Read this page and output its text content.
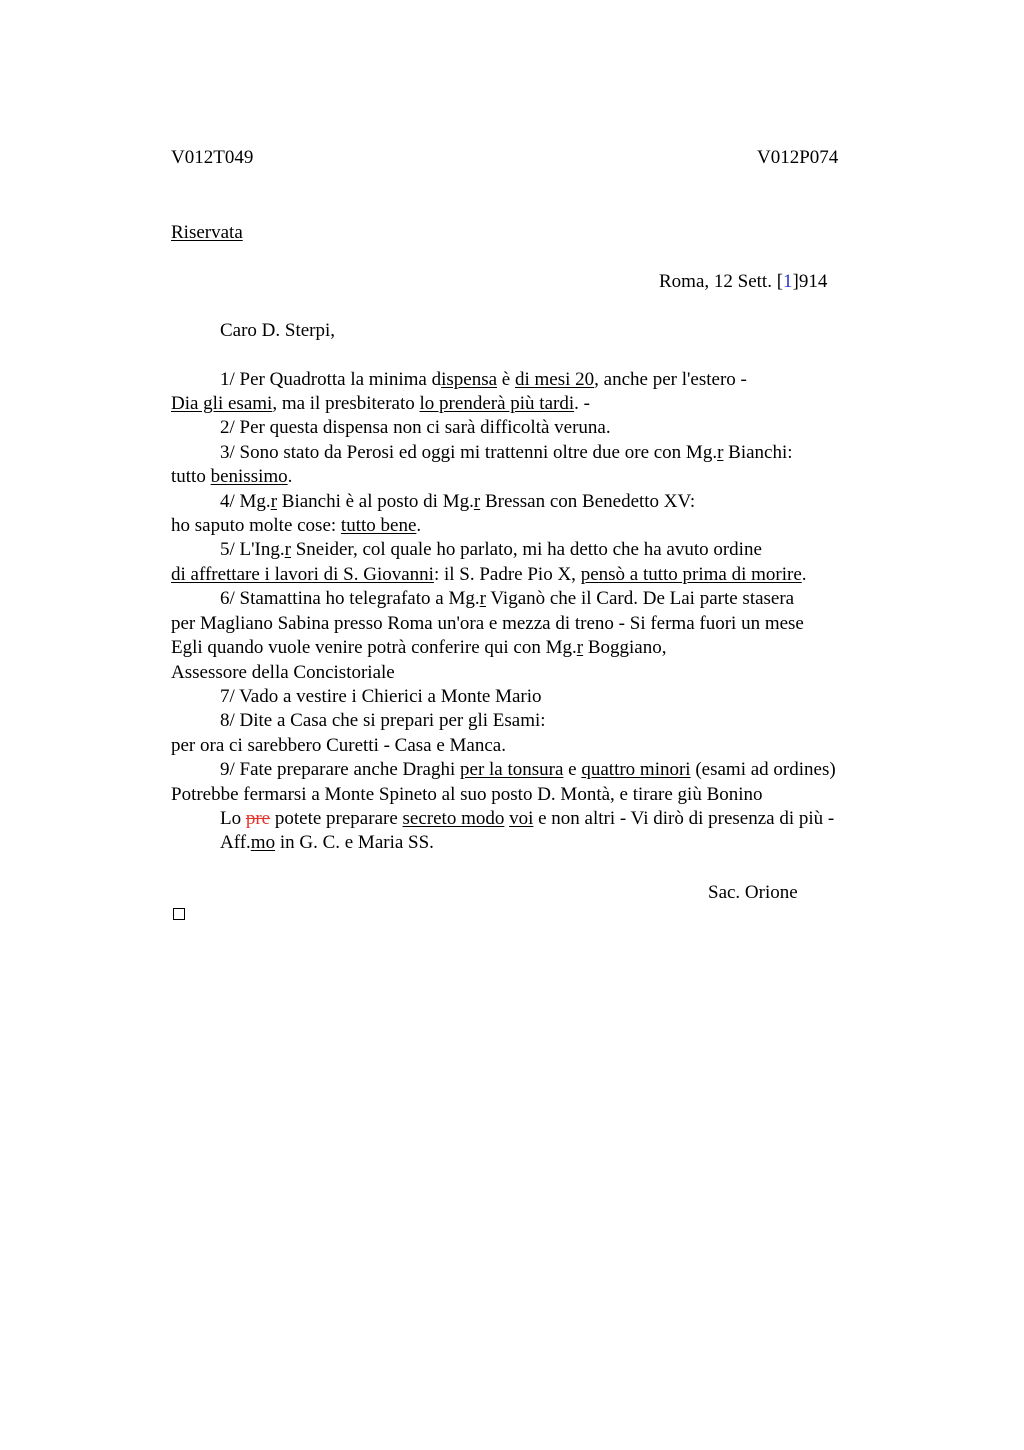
V012T049	V012P074
Riservata
Roma, 12 Sett. [1]914
Caro D. Sterpi,
1/ Per Quadrotta la minima dispensa è di mesi 20, anche per l'estero -
Dia gli esami, ma il presbiterato lo prenderà più tardi. -
2/ Per questa dispensa non ci sarà difficoltà veruna.
3/ Sono stato da Perosi ed oggi mi trattenni oltre due ore con Mg.r Bianchi:
tutto benissimo.
4/ Mg.r Bianchi è al posto di Mg.r Bressan con Benedetto XV:
ho saputo molte cose: tutto bene.
5/ L'Ing.r Sneider, col quale ho parlato, mi ha detto che ha avuto ordine
di affrettare i lavori di S. Giovanni: il S. Padre Pio X, pensò a tutto prima di morire.
6/ Stamattina ho telegrafato a Mg.r Viganò che il Card. De Lai parte stasera
per Magliano Sabina presso Roma un'ora e mezza di treno - Si ferma fuori un mese
Egli quando vuole venire potrà conferire qui con Mg.r Boggiano,
Assessore della Concistoriale
7/ Vado a vestire i Chierici a Monte Mario
8/ Dite a Casa che si prepari per gli Esami:
per ora ci sarebbero Curetti - Casa e Manca.
9/ Fate preparare anche Draghi per la tonsura e quattro minori (esami ad ordines)
Potrebbe fermarsi a Monte Spineto al suo posto D. Montà, e tirare giù Bonino
Lo pre potete preparare secreto modo voi e non altri - Vi dirò di presenza di più -
Aff.mo in G. C. e Maria SS.
Sac. Orione
